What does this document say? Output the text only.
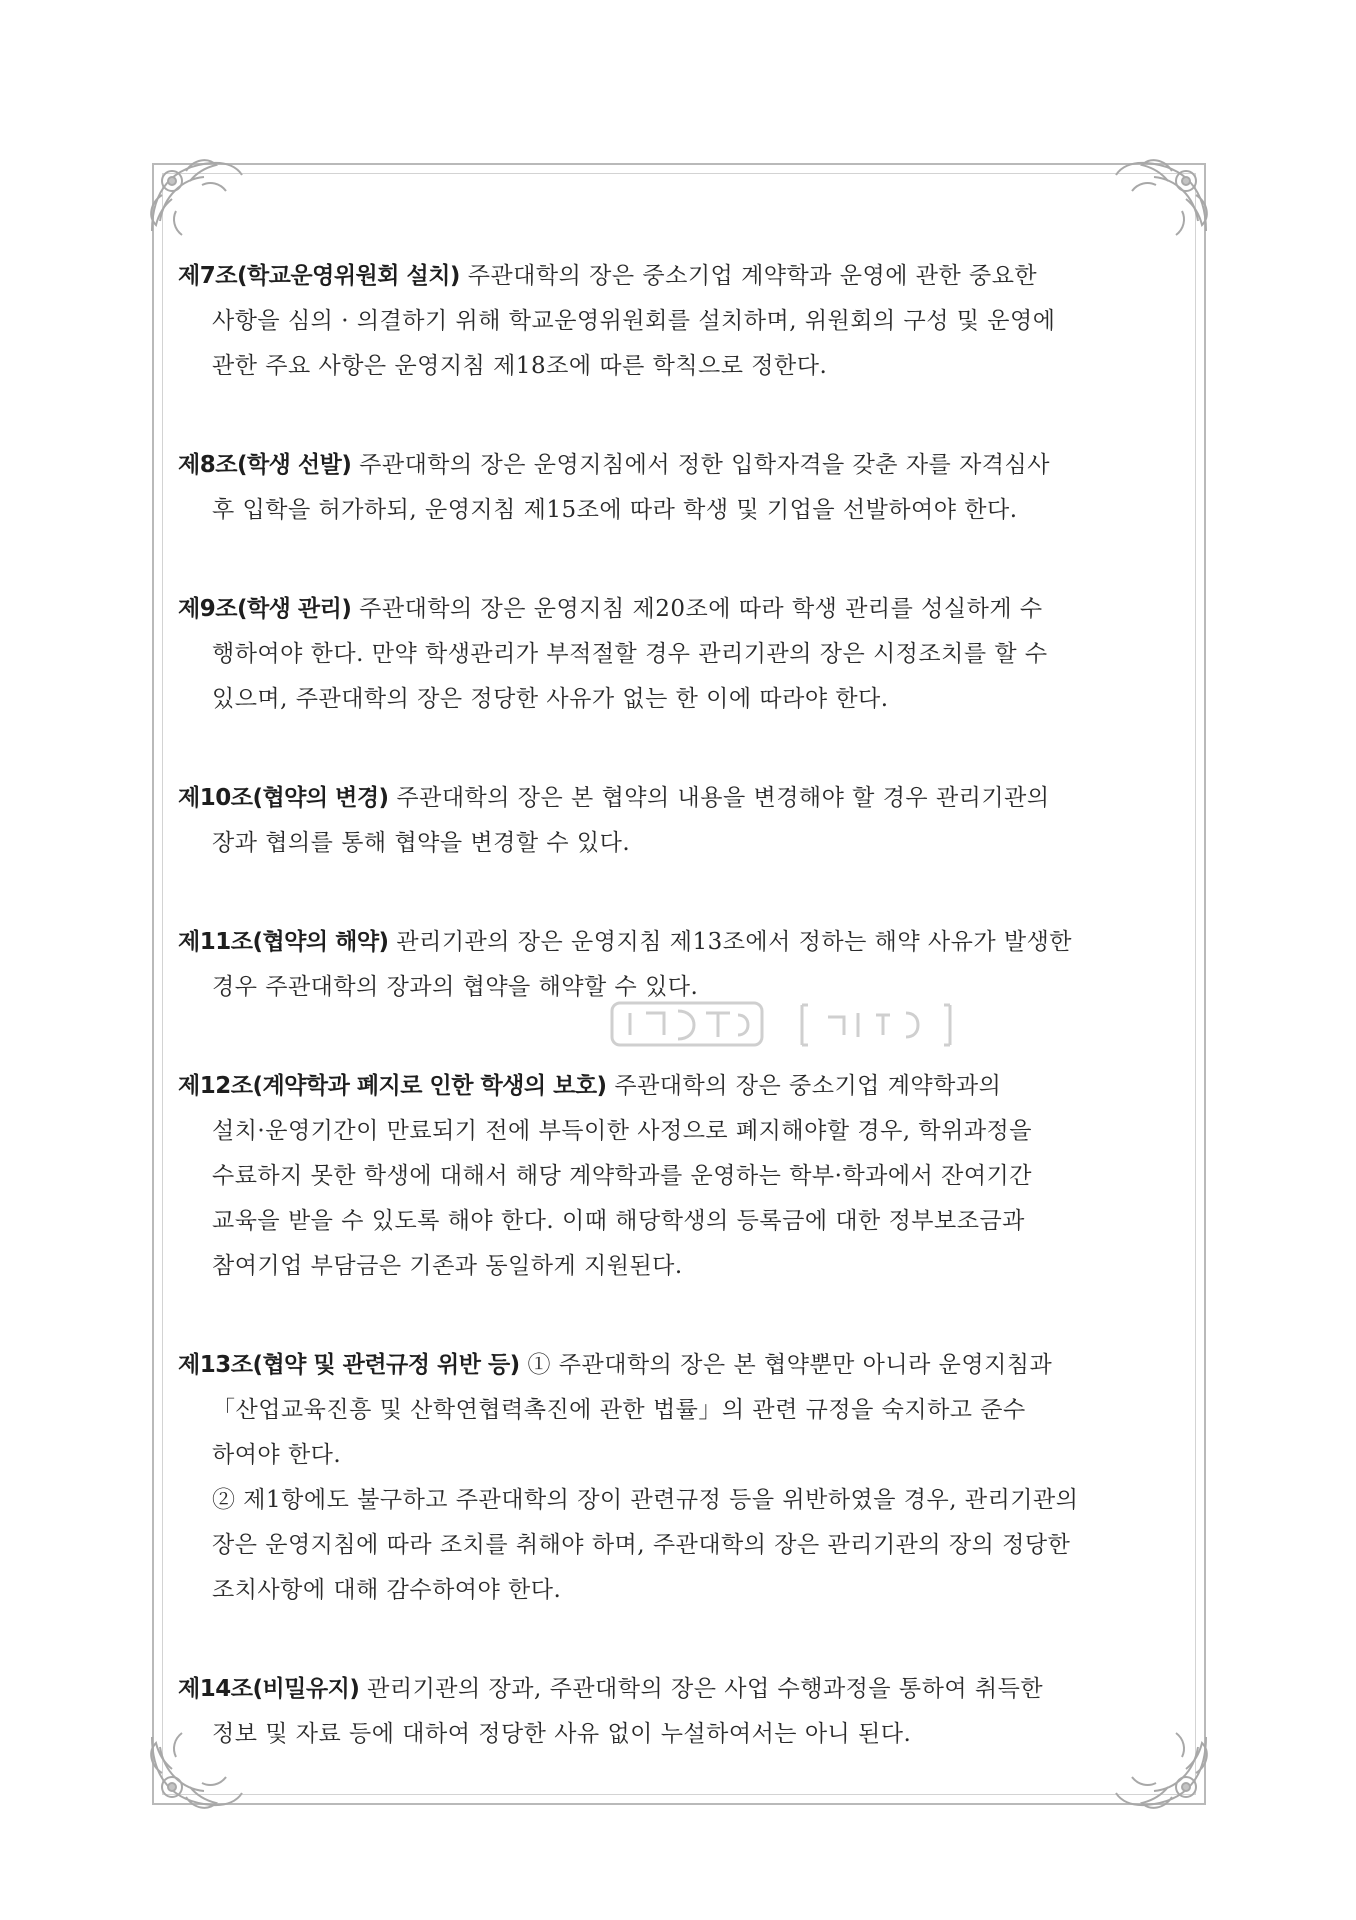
제7조(학교운영위원회 설치) 주관대학의 장은 중소기업 계약학과 운영에 관한 중요한

사항을 심의 · 의결하기 위해 학교운영위원회를 설치하며, 위원회의 구성 및 운영에

관한 주요 사항은 운영지침 제18조에 따른 학칙으로 정한다.

제8조(학생 선발) 주관대학의 장은 운영지침에서 정한 입학자격을 갖춘 자를 자격심사

후 입학을 허가하되, 운영지침 제15조에 따라 학생 및 기업을 선발하여야 한다.

제9조(학생 관리) 주관대학의 장은 운영지침 제20조에 따라 학생 관리를 성실하게 수

행하여야 한다. 만약 학생관리가 부적절할 경우 관리기관의 장은 시정조치를 할 수

있으며, 주관대학의 장은 정당한 사유가 없는 한 이에 따라야 한다.

제10조(협약의 변경) 주관대학의 장은 본 협약의 내용을 변경해야 할 경우 관리기관의

장과 협의를 통해 협약을 변경할 수 있다.

제11조(협약의 해약) 관리기관의 장은 운영지침 제13조에서 정하는 해약 사유가 발생한

경우 주관대학의 장과의 협약을 해약할 수 있다.

제12조(계약학과 폐지로 인한 학생의 보호) 주관대학의 장은 중소기업 계약학과의

설치·운영기간이 만료되기 전에 부득이한 사정으로 폐지해야할 경우, 학위과정을

수료하지 못한 학생에 대해서 해당 계약학과를 운영하는 학부·학과에서 잔여기간

교육을 받을 수 있도록 해야 한다. 이때 해당학생의 등록금에 대한 정부보조금과

참여기업 부담금은 기존과 동일하게 지원된다.

제13조(협약 및 관련규정 위반 등) ① 주관대학의 장은 본 협약뿐만 아니라 운영지침과

「산업교육진흥 및 산학연협력촉진에 관한 법률」의 관련 규정을 숙지하고 준수

하여야 한다.

② 제1항에도 불구하고 주관대학의 장이 관련규정 등을 위반하였을 경우, 관리기관의

장은 운영지침에 따라 조치를 취해야 하며, 주관대학의 장은 관리기관의 장의 정당한

조치사항에 대해 감수하여야 한다.

제14조(비밀유지) 관리기관의 장과, 주관대학의 장은 사업 수행과정을 통하여 취득한

정보 및 자료 등에 대하여 정당한 사유 없이 누설하여서는 아니 된다.
